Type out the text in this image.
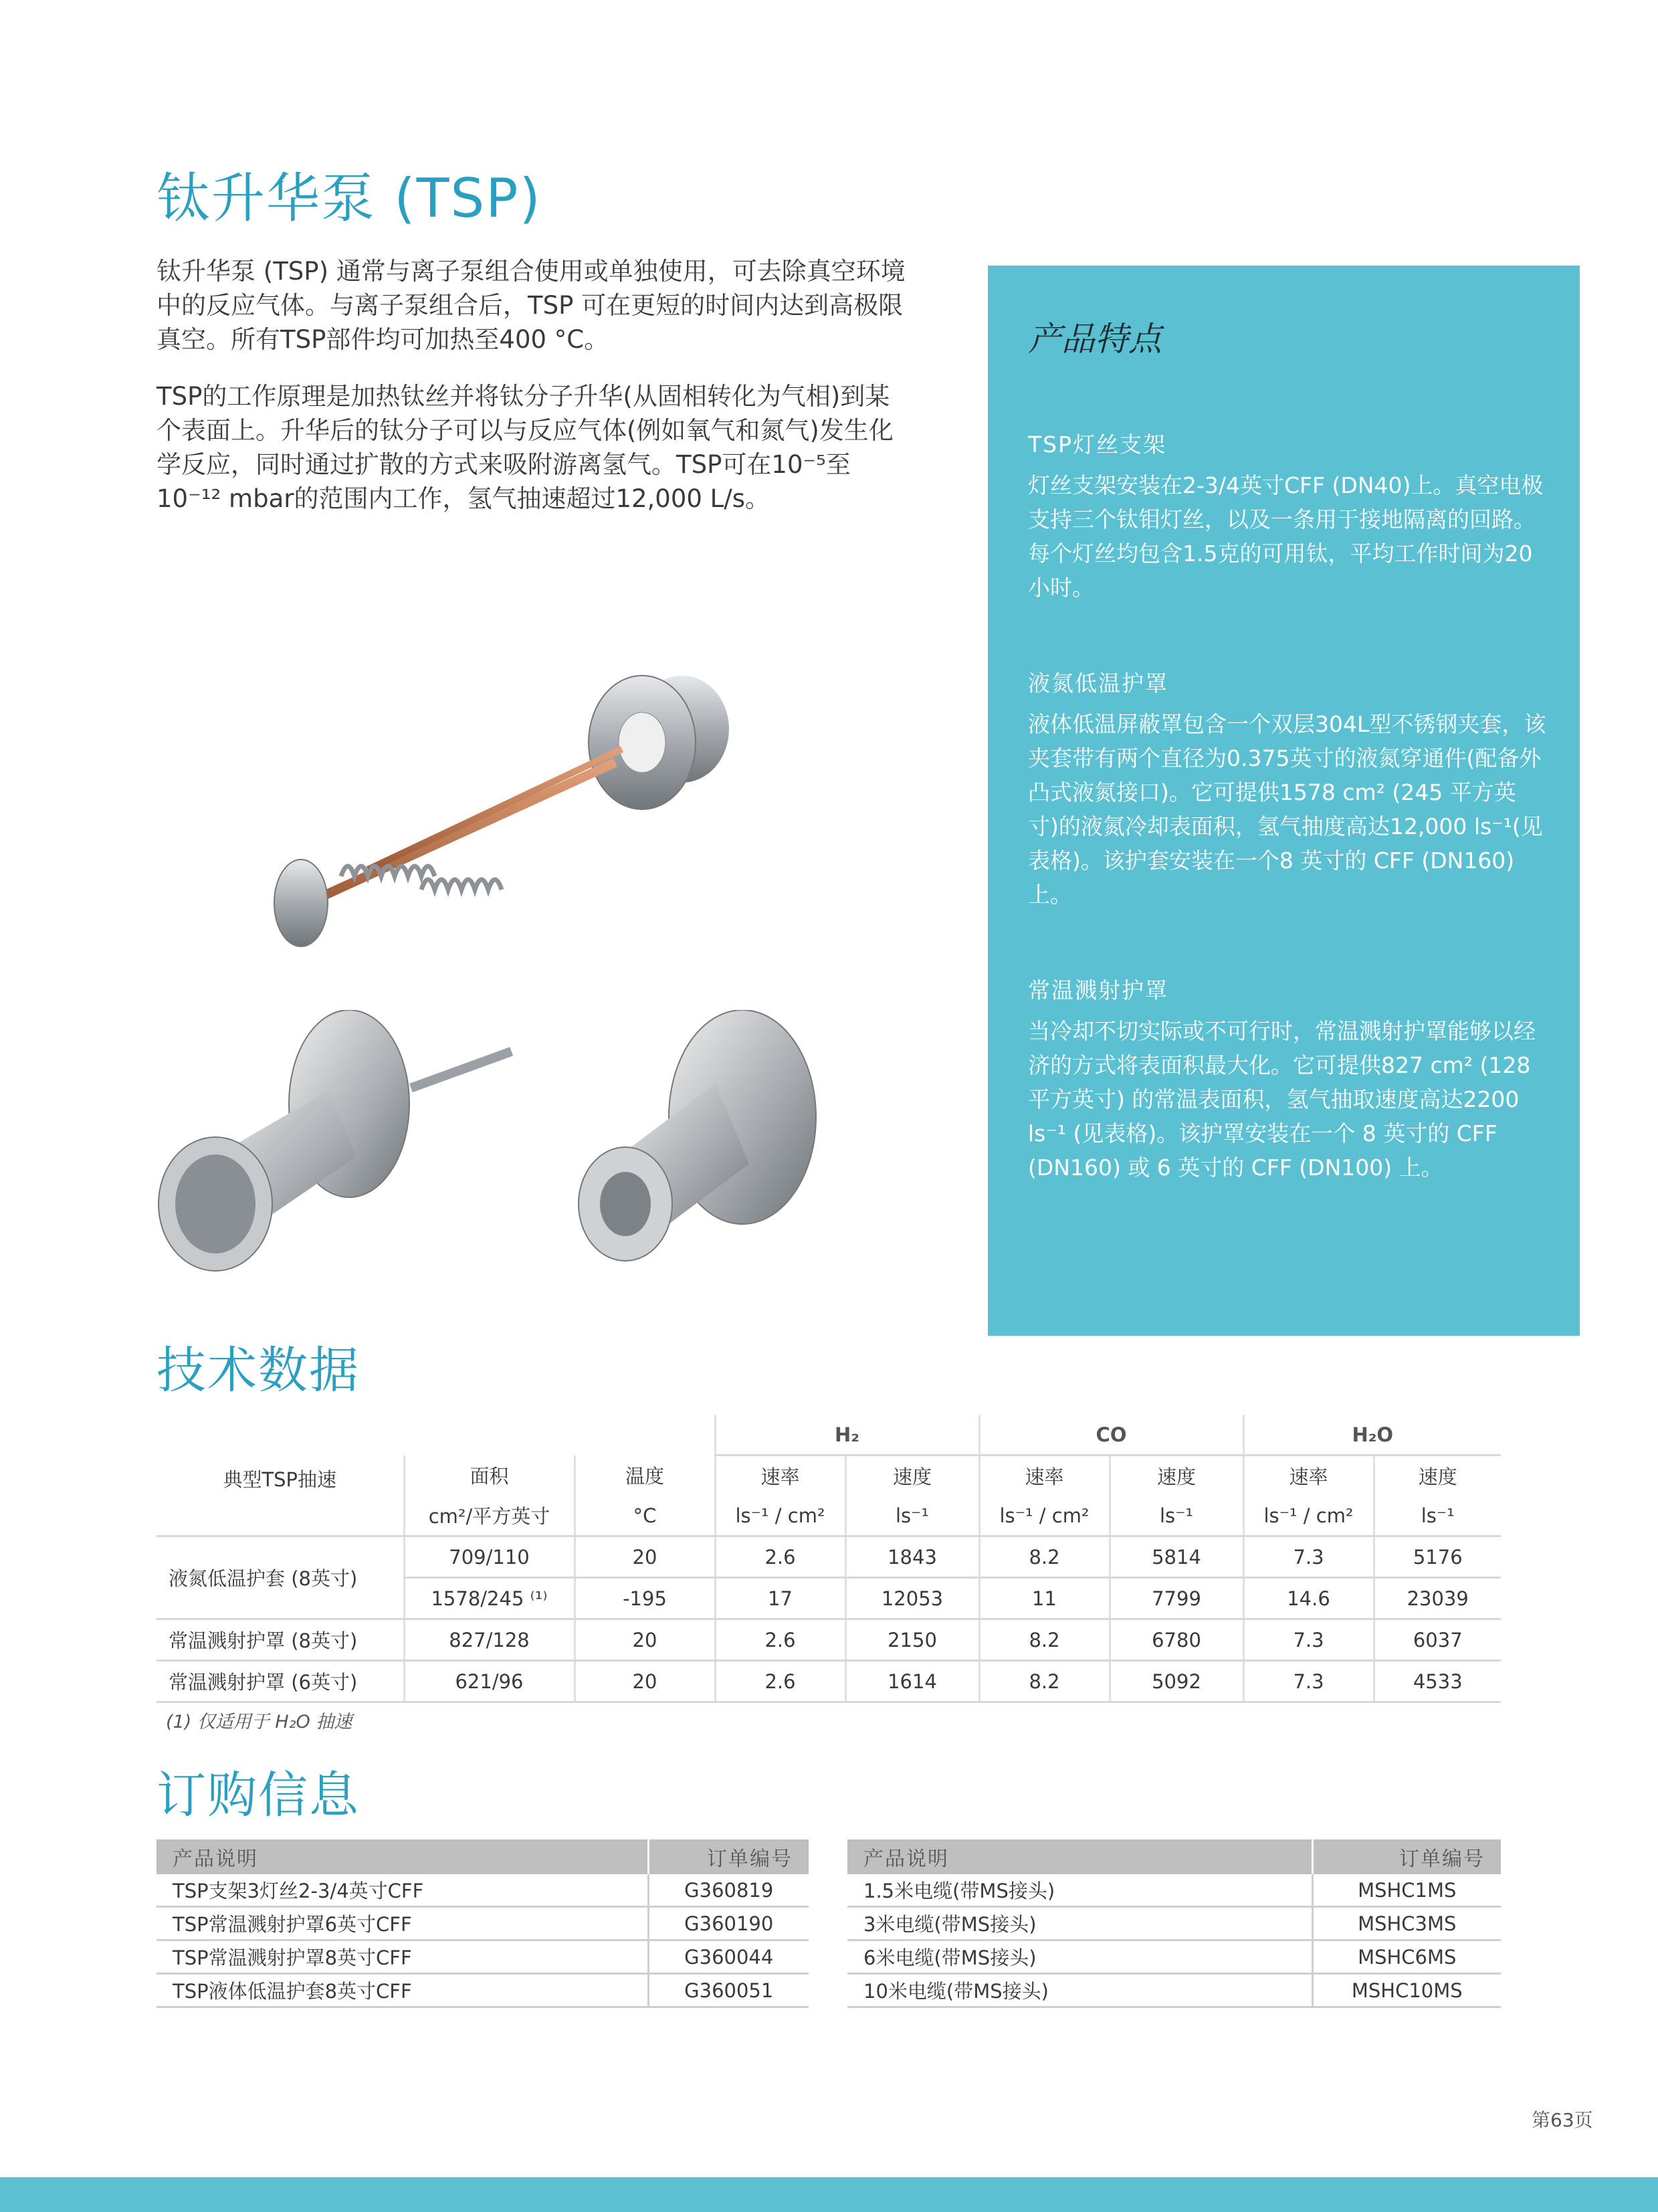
钛升华泵 (TSP)

钛升华泵 (TSP) 通常与离子泵组合使用或单独使用，可去除真空环境中的反应气体。与离子泵组合后，TSP 可在更短的时间内达到高极限真空。所有TSP部件均可加热至400 °C。

TSP的工作原理是加热钛丝并将钛分子升华(从固相转化为气相)到某个表面上。升华后的钛分子可以与反应气体(例如氧气和氮气)发生化学反应，同时通过扩散的方式来吸附游离氢气。TSP可在10⁻⁵至10⁻¹² mbar的范围内工作，氢气抽速超过12,000 L/s。

产品特点

TSP灯丝支架

灯丝支架安装在2-3/4英寸CFF (DN40)上。真空电极支持三个钛钼灯丝，以及一条用于接地隔离的回路。每个灯丝均包含1.5克的可用钛，平均工作时间为20小时。

液氮低温护罩

液体低温屏蔽罩包含一个双层304L型不锈钢夹套，该夹套带有两个直径为0.375英寸的液氮穿通件(配备外凸式液氮接口)。它可提供1578 cm² (245 平方英寸)的液氮冷却表面积，氢气抽度高达12,000 ls⁻¹(见表格)。该护套安装在一个8 英寸的 CFF (DN160) 上。

常温溅射护罩

当冷却不切实际或不可行时，常温溅射护罩能够以经济的方式将表面积最大化。它可提供827 cm² (128平方英寸) 的常温表面积，氢气抽取速度高达2200 ls⁻¹ (见表格)。该护罩安装在一个 8 英寸的 CFF (DN160) 或 6 英寸的 CFF (DN100) 上。

技术数据
			H₂		CO		H₂O	
典型TSP抽速	面积	温度	速率	速度	速率	速度	速率	速度
	cm²/平方英寸	°C	ls⁻¹ / cm²	ls⁻¹	ls⁻¹ / cm²	ls⁻¹	ls⁻¹ / cm²	ls⁻¹
液氮低温护套 (8英寸)	709/110	20	2.6	1843	8.2	5814	7.3	5176
	1578/245 ⁽¹⁾	-195	17	12053	11	7799	14.6	23039
常温溅射护罩 (8英寸)	827/128	20	2.6	2150	8.2	6780	7.3	6037
常温溅射护罩 (6英寸)	621/96	20	2.6	1614	8.2	5092	7.3	4533
(1) 仅适用于 H₂O 抽速
订购信息
产品说明	订单编号
TSP支架3灯丝2-3/4英寸CFF	G360819
TSP常温溅射护罩6英寸CFF	G360190
TSP常温溅射护罩8英寸CFF	G360044
TSP液体低温护套8英寸CFF	G360051
产品说明	订单编号
1.5米电缆(带MS接头)	MSHC1MS
3米电缆(带MS接头)	MSHC3MS
6米电缆(带MS接头)	MSHC6MS
10米电缆(带MS接头)	MSHC10MS
第63页
